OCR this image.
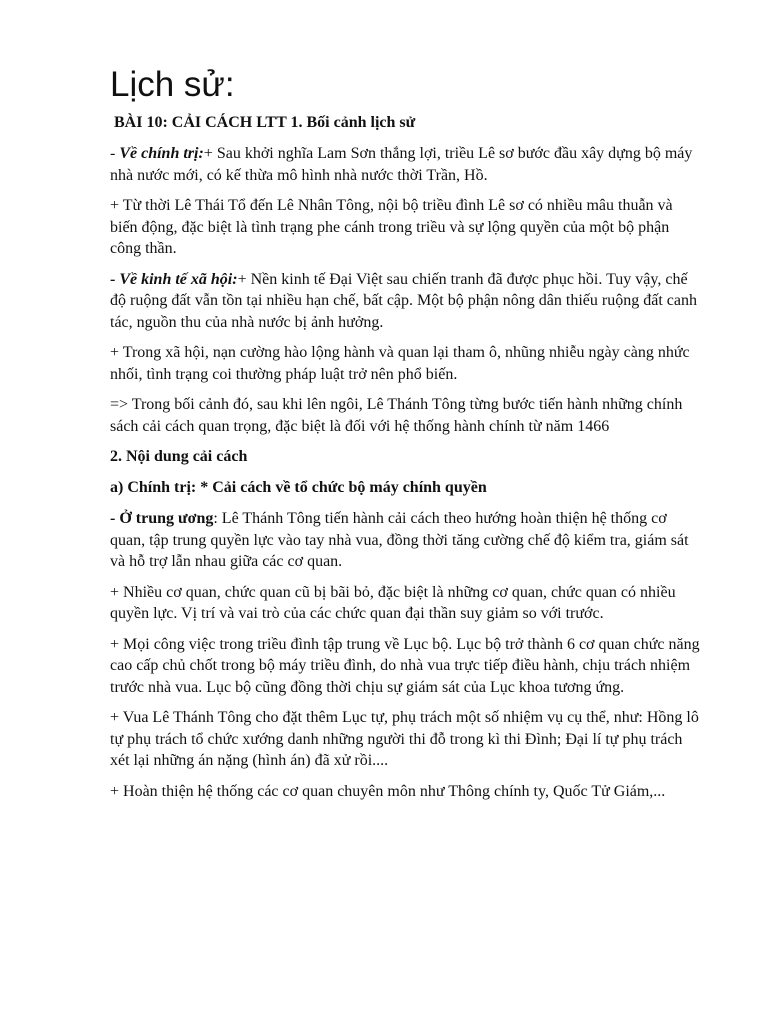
Lịch sử:
BÀI 10: CẢI CÁCH LTT 1. Bối cảnh lịch sử

- Về chính trị:+ Sau khởi nghĩa Lam Sơn thắng lợi, triều Lê sơ bước đầu xây dựng bộ máy nhà nước mới, có kế thừa mô hình nhà nước thời Trần, Hồ.

+ Từ thời Lê Thái Tổ đến Lê Nhân Tông, nội bộ triều đình Lê sơ có nhiều mâu thuẫn và biến động, đặc biệt là tình trạng phe cánh trong triều và sự lộng quyền của một bộ phận công thần.

- Về kinh tế xã hội:+ Nền kinh tế Đại Việt sau chiến tranh đã được phục hồi. Tuy vậy, chế độ ruộng đất vẫn tồn tại nhiều hạn chế, bất cập. Một bộ phận nông dân thiếu ruộng đất canh tác, nguồn thu của nhà nước bị ảnh hưởng.

+ Trong xã hội, nạn cường hào lộng hành và quan lại tham ô, nhũng nhiễu ngày càng nhức nhối, tình trạng coi thường pháp luật trở nên phổ biến.

=> Trong bối cảnh đó, sau khi lên ngôi, Lê Thánh Tông từng bước tiến hành những chính sách cải cách quan trọng, đặc biệt là đối với hệ thống hành chính từ năm 1466

2. Nội dung cải cách
a) Chính trị: * Cải cách về tổ chức bộ máy chính quyền

- Ở trung ương: Lê Thánh Tông tiến hành cải cách theo hướng hoàn thiện hệ thống cơ quan, tập trung quyền lực vào tay nhà vua, đồng thời tăng cường chế độ kiểm tra, giám sát và hỗ trợ lẫn nhau giữa các cơ quan.

+ Nhiều cơ quan, chức quan cũ bị bãi bỏ, đặc biệt là những cơ quan, chức quan có nhiều quyền lực. Vị trí và vai trò của các chức quan đại thần suy giảm so với trước.

+ Mọi công việc trong triều đình tập trung về Lục bộ. Lục bộ trở thành 6 cơ quan chức năng cao cấp chủ chốt trong bộ máy triều đình, do nhà vua trực tiếp điều hành, chịu trách nhiệm trước nhà vua. Lục bộ cũng đồng thời chịu sự giám sát của Lục khoa tương ứng.

+ Vua Lê Thánh Tông cho đặt thêm Lục tự, phụ trách một số nhiệm vụ cụ thể, như: Hồng lô tự phụ trách tổ chức xướng danh những người thi đỗ trong kì thi Đình; Đại lí tự phụ trách xét lại những án nặng (hình án) đã xử rồi....

+ Hoàn thiện hệ thống các cơ quan chuyên môn như Thông chính ty, Quốc Tử Giám,...
